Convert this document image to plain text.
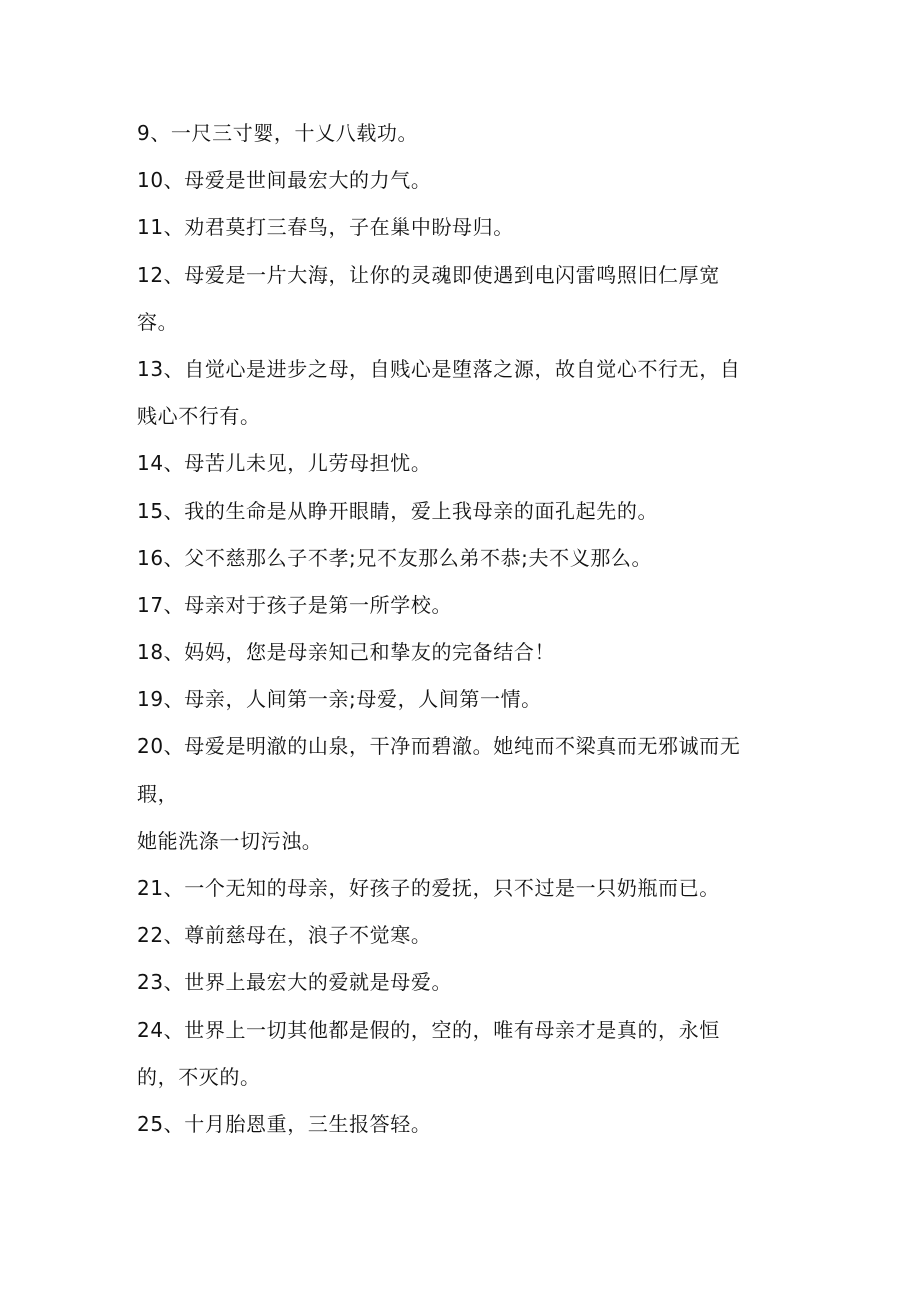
9、一尺三寸婴，十乂八载功。
10、母爱是世间最宏大的力气。
11、劝君莫打三春鸟，子在巢中盼母归。
12、母爱是一片大海，让你的灵魂即使遇到电闪雷鸣照旧仁厚宽
容。
13、自觉心是进步之母，自贱心是堕落之源，故自觉心不行无，自
贱心不行有。
14、母苦儿未见，儿劳母担忧。
15、我的生命是从睁开眼睛，爱上我母亲的面孔起先的。
16、父不慈那么子不孝;兄不友那么弟不恭;夫不义那么。
17、母亲对于孩子是第一所学校。
18、妈妈，您是母亲知己和挚友的完备结合！
19、母亲，人间第一亲;母爱，人间第一情。
20、母爱是明澈的山泉，干净而碧澈。她纯而不梁真而无邪诚而无
瑕，
她能洗涤一切污浊。
21、一个无知的母亲，好孩子的爱抚，只不过是一只奶瓶而已。
22、尊前慈母在，浪子不觉寒。
23、世界上最宏大的爱就是母爱。
24、世界上一切其他都是假的，空的，唯有母亲才是真的，永恒
的，不灭的。
25、十月胎恩重，三生报答轻。
